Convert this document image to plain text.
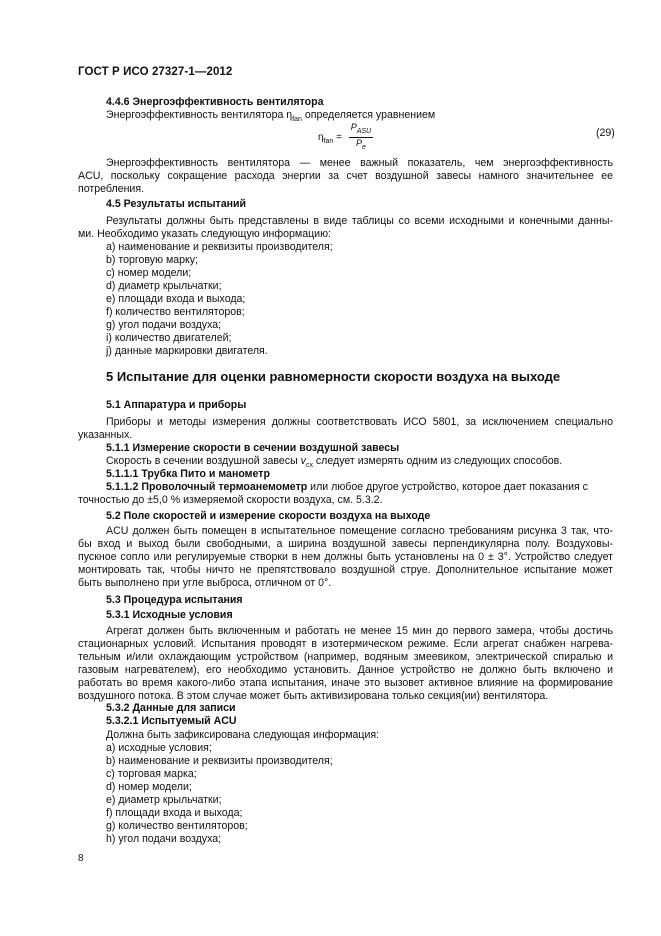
ГОСТ Р ИСО 27327-1—2012
4.4.6 Энергоэффективность вентилятора
Энергоэффективность вентилятора $\eta_{fan}$ определяется уравнением
$\eta_{fan} = \frac{P_{ASU}}{P_e}$	(29)
Энергоэффективность вентилятора — менее важный показатель, чем энергоэффективность
ACU, поскольку сокращение расхода энергии за счет воздушной завесы намного значительнее ее
потребления.
4.5 Результаты испытаний
Результаты должны быть представлены в виде таблицы со всеми исходными и конечными данны-
ми. Необходимо указать следующую информацию:
a) наименование и реквизиты производителя;
b) торговую марку;
c) номер модели;
d) диаметр крыльчатки;
e) площади входа и выхода;
f) количество вентиляторов;
g) угол подачи воздуха;
i) количество двигателей;
j) данные маркировки двигателя.
5 Испытание для оценки равномерности скорости воздуха на выходе
5.1 Аппаратура и приборы
Приборы и методы измерения должны соответствовать ИСО 5801, за исключением специально
указанных.
5.1.1 Измерение скорости в сечении воздушной завесы
Скорость в сечении воздушной завесы $v_{сх}$ следует измерять одним из следующих способов.
5.1.1.1 Трубка Пито и манометр
5.1.1.2 Проволочный термоанемометр или любое другое устройство, которое дает показания с
точностью до ±5,0 % измеряемой скорости воздуха, см. 5.3.2.
5.2 Поле скоростей и измерение скорости воздуха на выходе
ACU должен быть помещен в испытательное помещение согласно требованиям рисунка 3 так, что-
бы вход и выход были свободными, а ширина воздушной завесы перпендикулярна полу. Воздуховы-
пускное сопло или регулируемые створки в нем должны быть установлены на 0 ± 3°. Устройство следует
монтировать так, чтобы ничто не препятствовало воздушной струе. Дополнительное испытание может
быть выполнено при угле выброса, отличном от 0°.
5.3 Процедура испытания
5.3.1 Исходные условия
Агрегат должен быть включенным и работать не менее 15 мин до первого замера, чтобы достичь
стационарных условий. Испытания проводят в изотермическом режиме. Если агрегат снабжен нагрева-
тельным и/или охлаждающим устройством (например, водяным змеевиком, электрической спиралью и
газовым нагревателем), его необходимо установить. Данное устройство не должно быть включено и
работать во время какого-либо этапа испытания, иначе это вызовет активное влияние на формирование
воздушного потока. В этом случае может быть активизирована только секция(ии) вентилятора.
5.3.2 Данные для записи
5.3.2.1 Испытуемый ACU
Должна быть зафиксирована следующая информация:
a) исходные условия;
b) наименование и реквизиты производителя;
c) торговая марка;
d) номер модели;
e) диаметр крыльчатки;
f) площади входа и выхода;
g) количество вентиляторов;
h) угол подачи воздуха;
8
